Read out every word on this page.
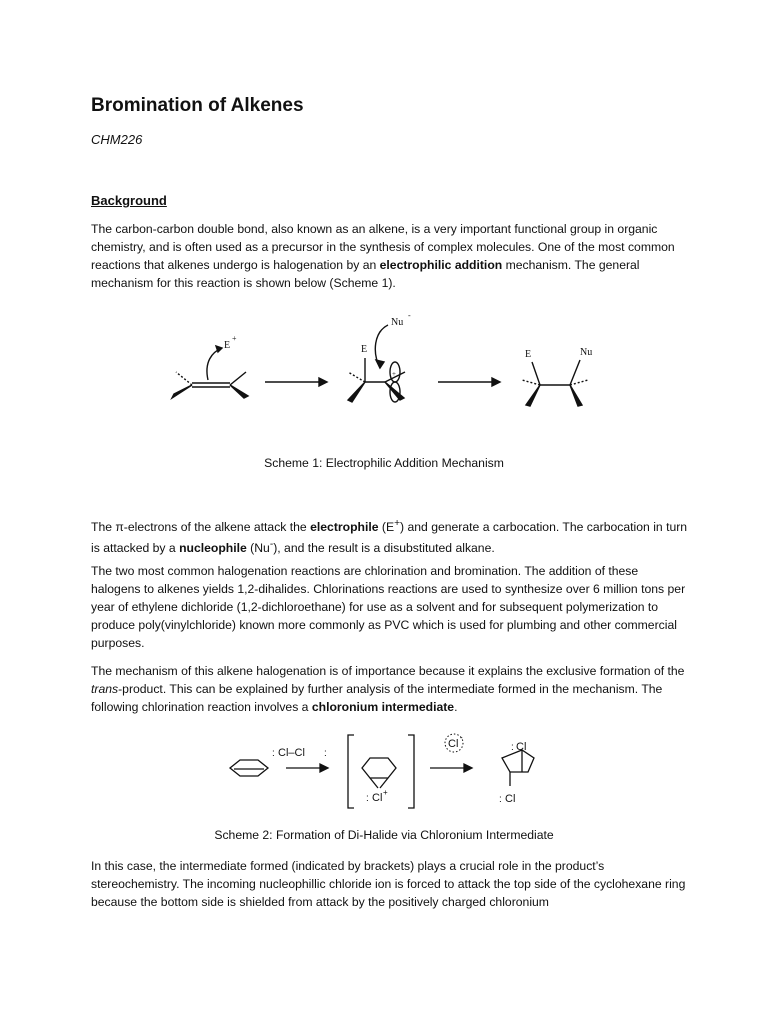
Bromination of Alkenes
CHM226
Background

The carbon-carbon double bond, also known as an alkene, is a very important functional group in organic chemistry, and is often used as a precursor in the synthesis of complex molecules. One of the most common reactions that alkenes undergo is halogenation by an electrophilic addition mechanism. The general mechanism for this reaction is shown below (Scheme 1).

E
+
Nu
-
E
+
E	Nu
Scheme 1: Electrophilic Addition Mechanism

The π-electrons of the alkene attack the electrophile (E+) and generate a carbocation. The carbocation in turn is attacked by a nucleophile (Nu-), and the result is a disubstituted alkane.

The two most common halogenation reactions are chlorination and bromination. The addition of these halogens to alkenes yields 1,2-dihalides. Chlorinations reactions are used to synthesize over 6 million tons per year of ethylene dichloride (1,2-dichloroethane) for use as a solvent and for subsequent polymerization to produce poly(vinylchloride) known more commonly as PVC which is used for plumbing and other commercial purposes.

The mechanism of this alkene halogenation is of importance because it explains the exclusive formation of the trans-product. This can be explained by further analysis of the intermediate formed in the mechanism. The following chlorination reaction involves a chloronium intermediate.

Cl–Cl
:	:
Cl +
:
Cl
-
Cl
:
Cl
:
Scheme 2: Formation of Di-Halide via Chloronium Intermediate

In this case, the intermediate formed (indicated by brackets) plays a crucial role in the product’s stereochemistry. The incoming nucleophillic chloride ion is forced to attack the top side of the cyclohexane ring because the bottom side is shielded from attack by the positively charged chloronium
